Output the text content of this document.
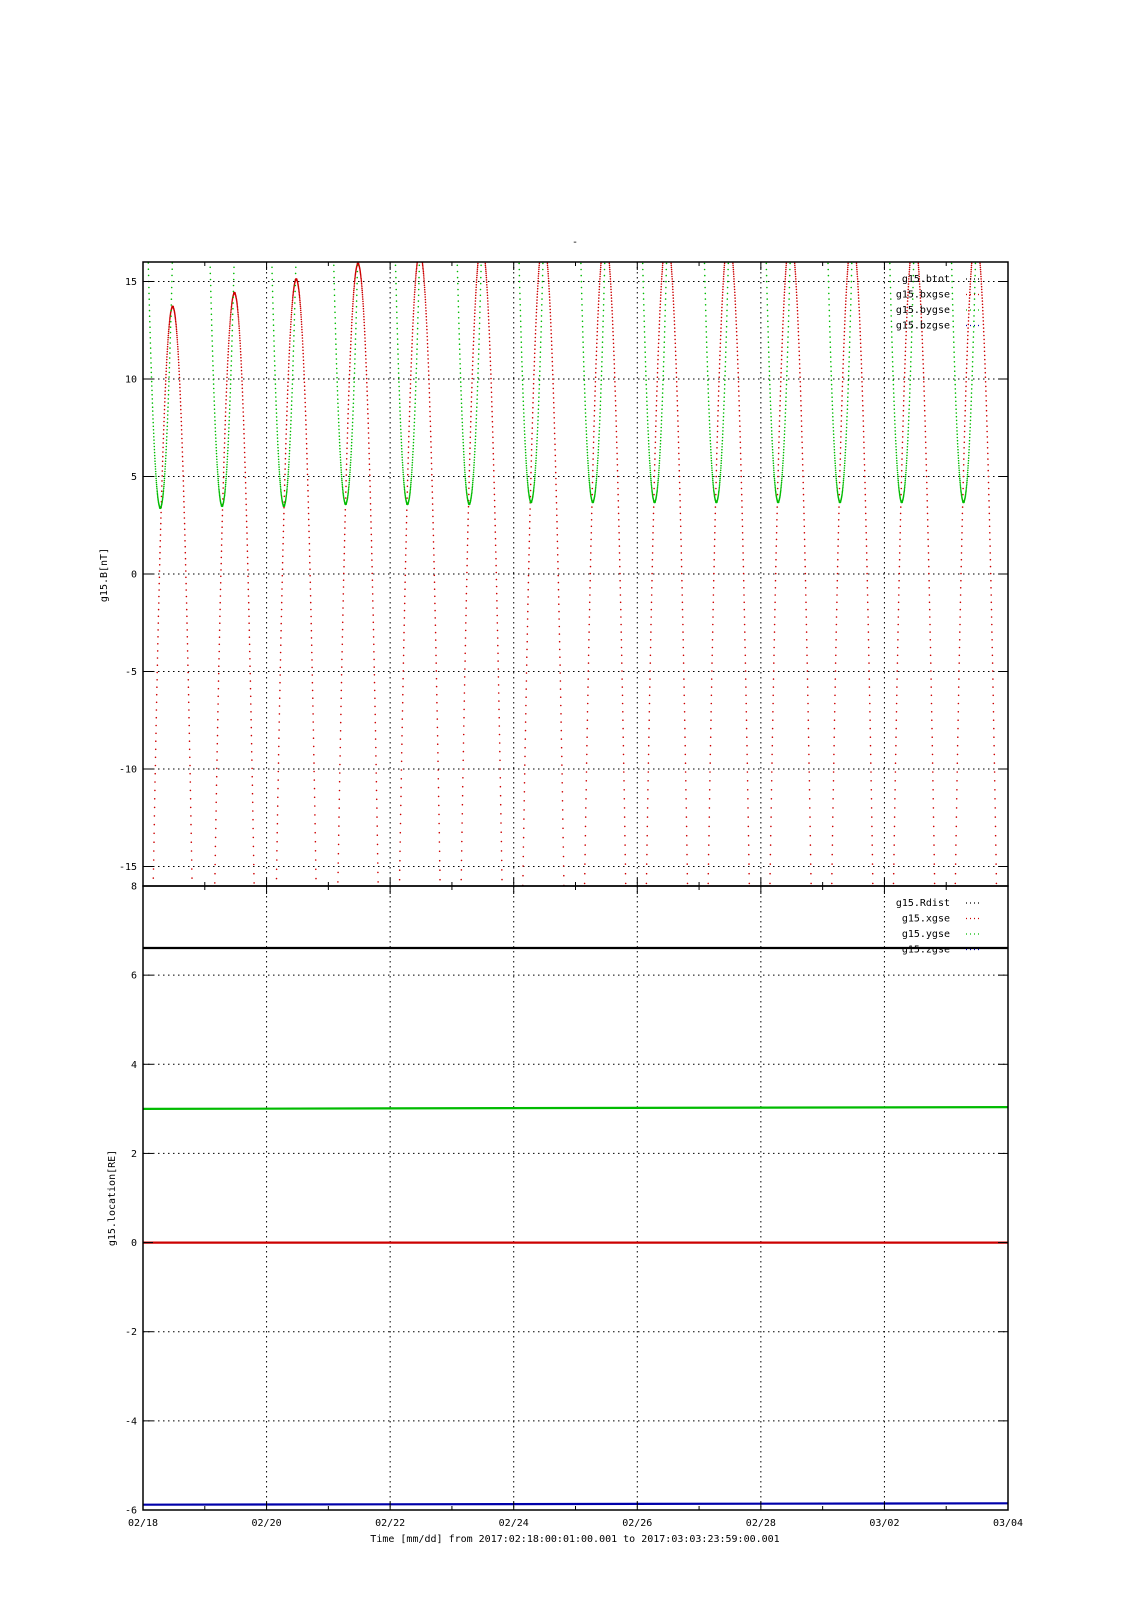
-
-15
-10
-5
0
5
10
15	g15.btot
g15.bxgse
g15.bygse
g15.bzgse
g15.B[nT]
-6
-4
-2
0
2
4
6
8
g15.Rdist
g15.xgse
g15.ygse
g15.zgse
g15.location[RE]
02/18	02/20	02/22	02/24	02/26	02/28	03/02	03/04
Time [mm/dd] from 2017:02:18:00:01:00.001 to 2017:03:03:23:59:00.001
